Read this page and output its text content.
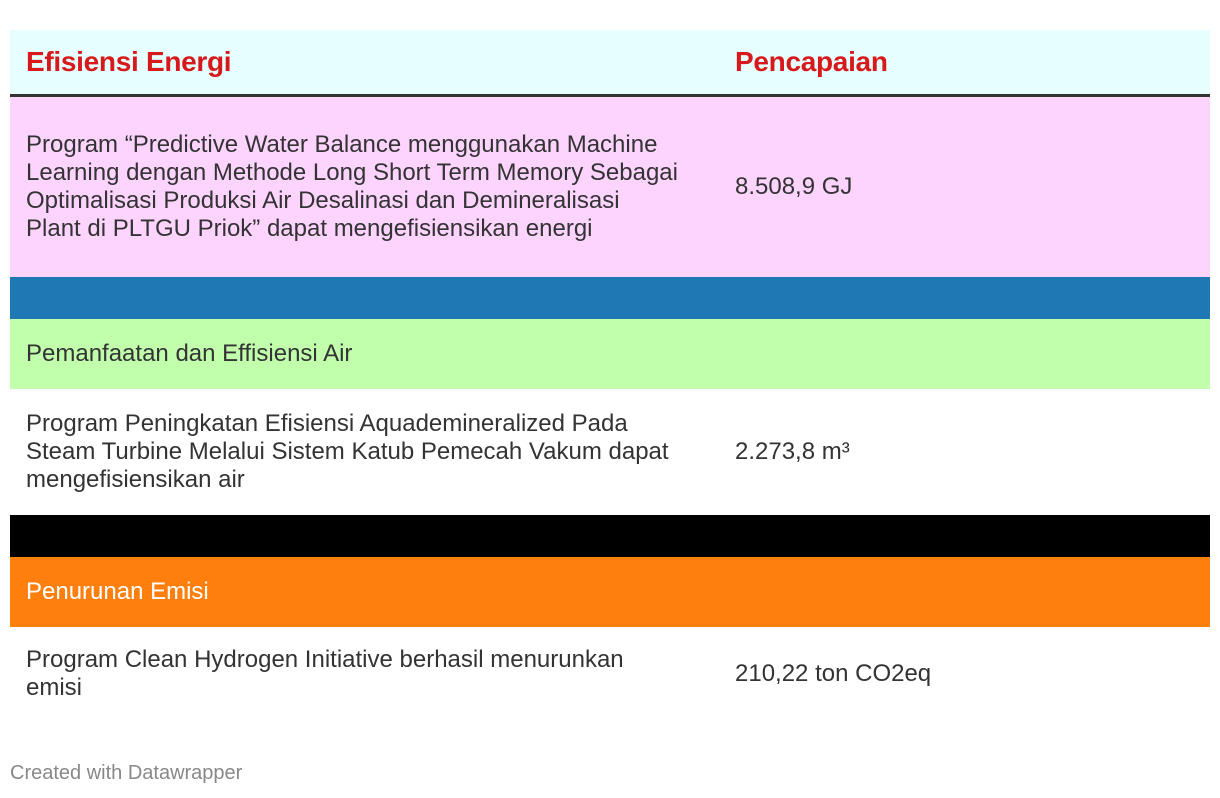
Efisiensi Energi	Pencapaian
Program “Predictive Water Balance menggunakan Machine Learning dengan Methode Long Short Term Memory Sebagai Optimalisasi Produksi Air Desalinasi dan Demineralisasi Plant di PLTGU Priok” dapat mengefisiensikan energi
8.508,9 GJ
Pemanfaatan dan Effisiensi Air
Program Peningkatan Efisiensi Aquademineralized Pada Steam Turbine Melalui Sistem Katub Pemecah Vakum dapat mengefisiensikan air
2.273,8 m³
Penurunan Emisi
Program Clean Hydrogen Initiative berhasil menurunkan emisi
210,22 ton CO2eq
Created with Datawrapper
